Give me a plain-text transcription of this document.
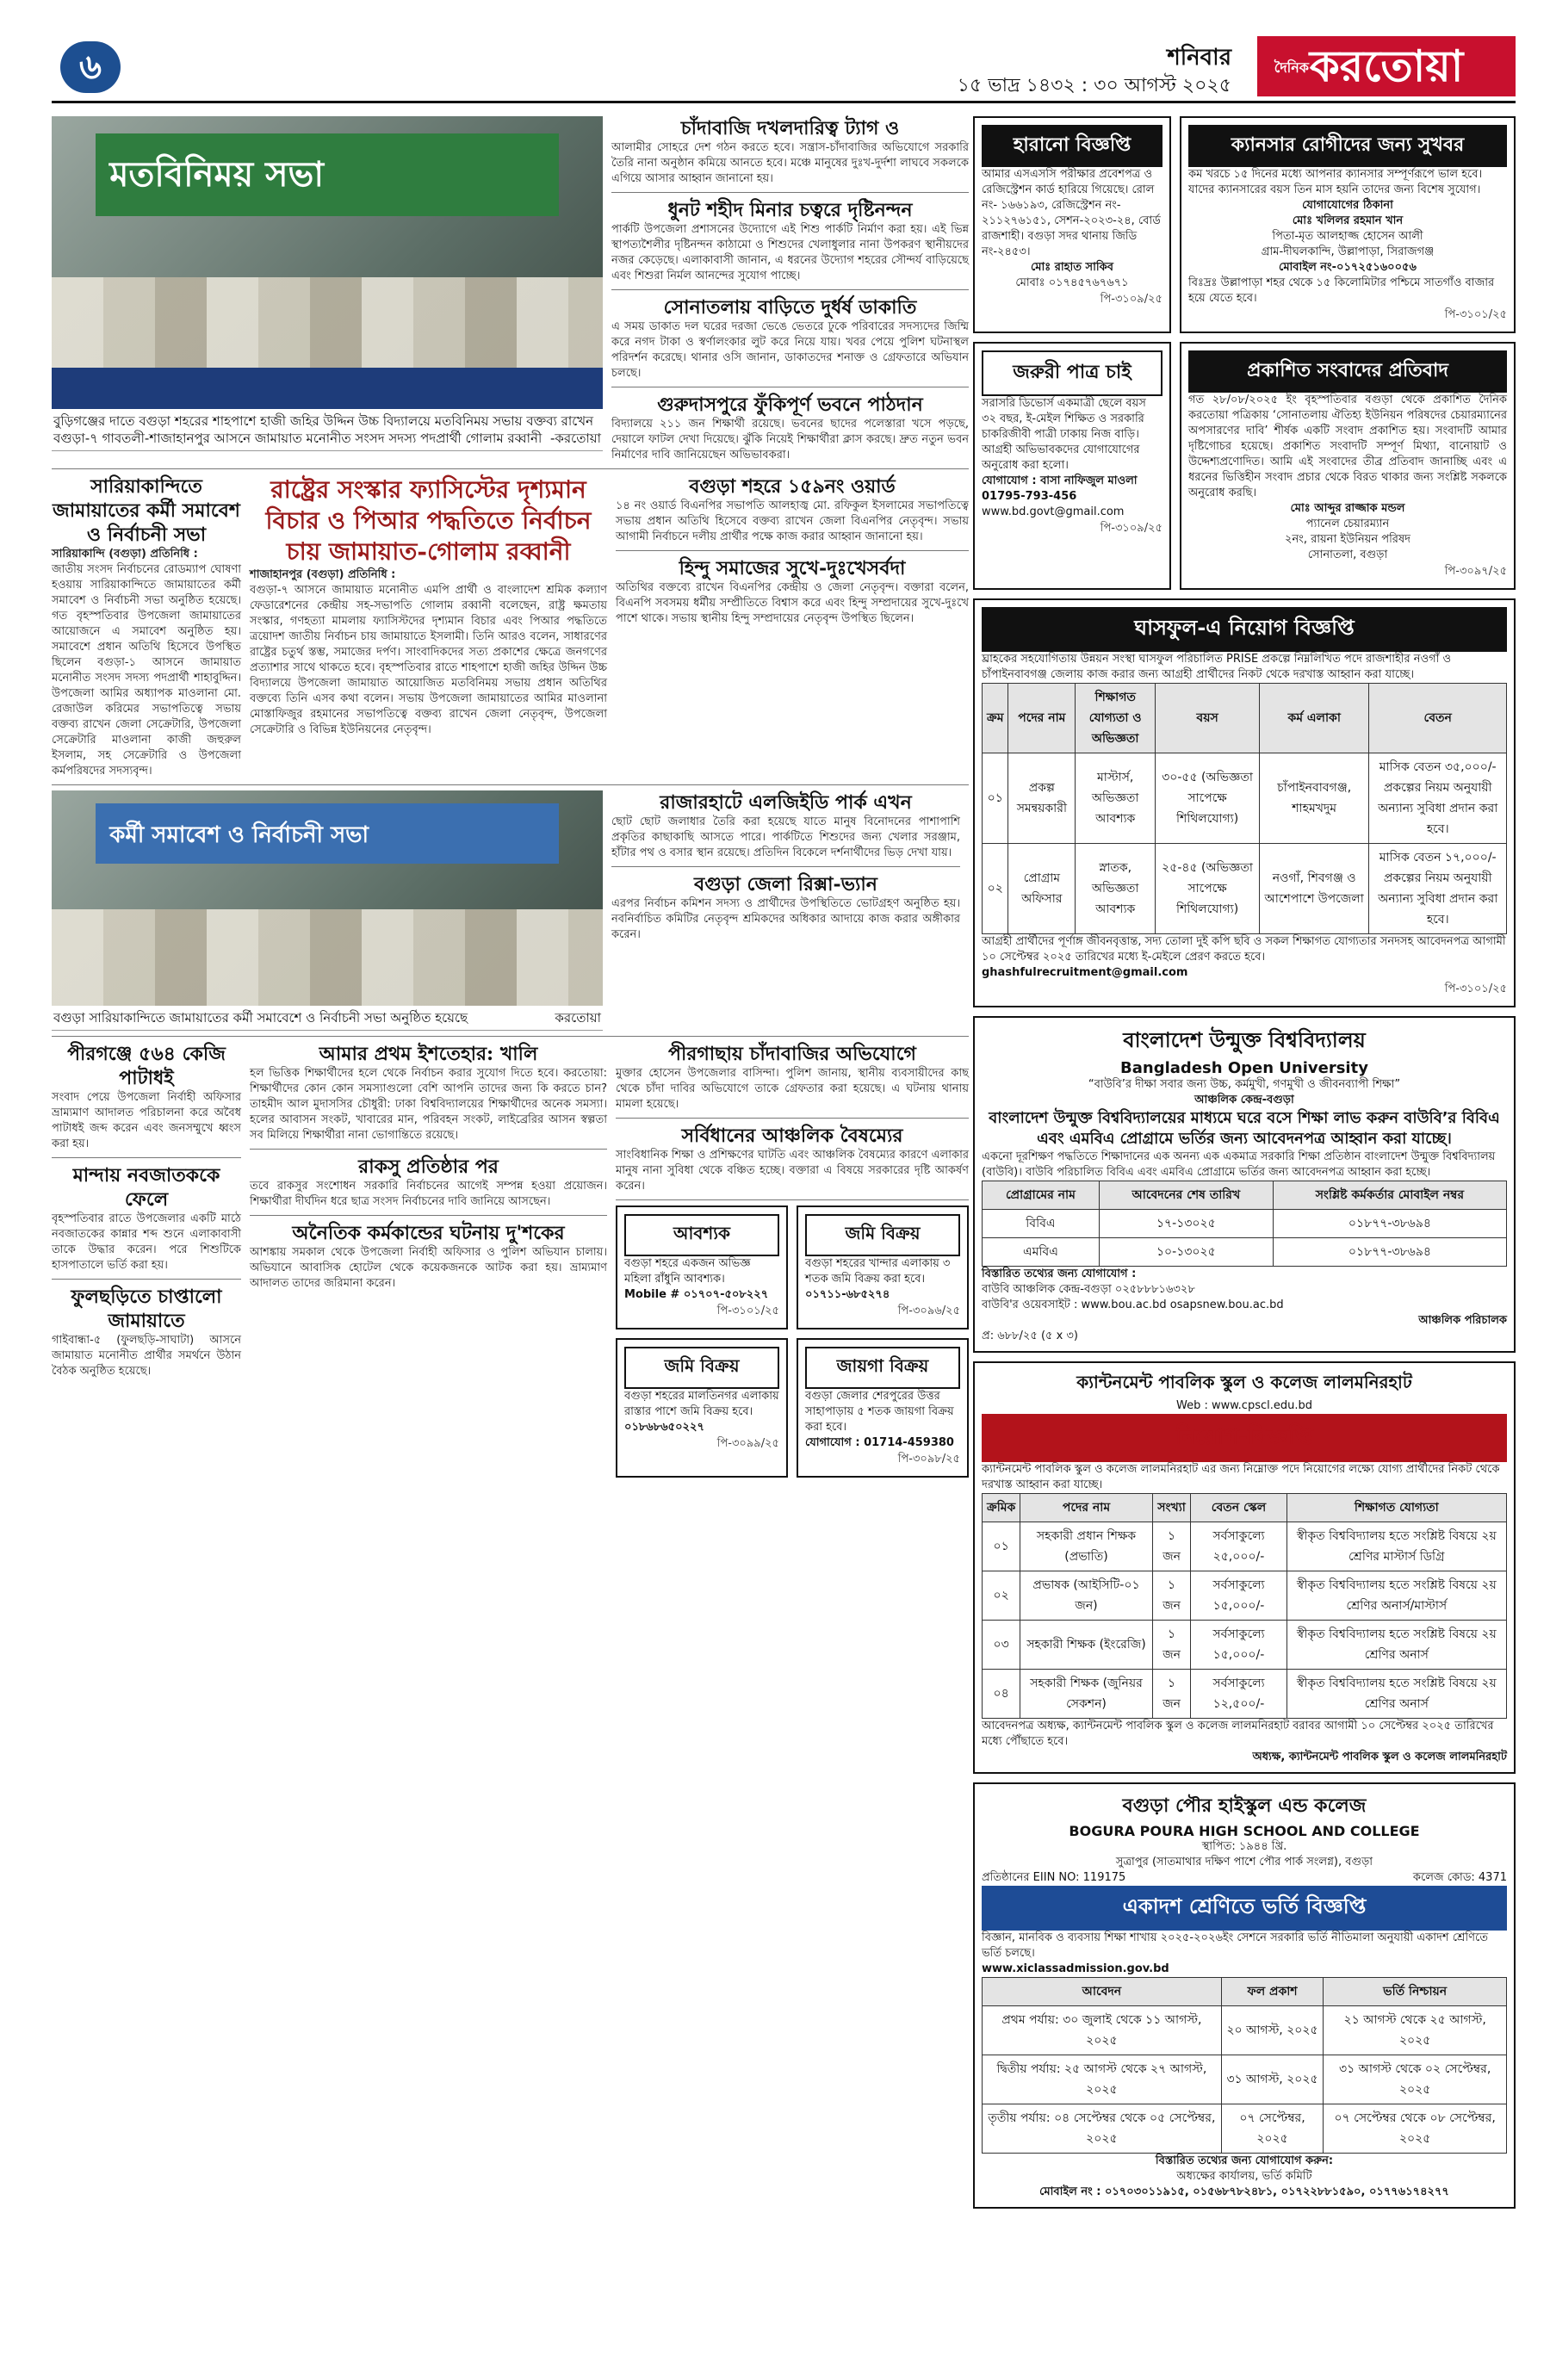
৬	শনিবার
১৫ ভাদ্র ১৪৩২ : ৩০ আগস্ট ২০২৫
দৈনিক করতোয়া
মতবিনিময় সভা
বুড়িগঞ্জের দাতে বগুড়া শহরের শাহপাশে হাজী জহির উদ্দিন উচ্চ বিদ্যালয়ে মতবিনিময় সভায় বক্তব্য রাখেন বগুড়া-৭ গাবতলী-শাজাহানপুর আসনে জামায়াত মনোনীত সংসদ সদস্য পদপ্রার্থী গোলাম রব্বানী -করতোয়া
চাঁদাবাজি দখলদারিত্ব ট্যাগ ও
আলামীর সোহরে দেশ গঠন করতে হবে। সন্ত্রাস-চাঁদাবাজির অভিযোগে সরকারি তৈরি নানা অনুষ্ঠান কমিয়ে আনতে হবে। মঞ্চে মানুষের দুঃখ-দুর্দশা লাঘবে সকলকে এগিয়ে আসার আহ্বান জানানো হয়।
ধুনট শহীদ মিনার চত্বরে দৃষ্টিনন্দন
পার্কটি উপজেলা প্রশাসনের উদ্যোগে এই শিশু পার্কটি নির্মাণ করা হয়। এই ভিন্ন স্থাপত্যশৈলীর দৃষ্টিনন্দন কাঠামো ও শিশুদের খেলাধুলার নানা উপকরণ স্থানীয়দের নজর কেড়েছে। এলাকাবাসী জানান, এ ধরনের উদ্যোগ শহরের সৌন্দর্য বাড়িয়েছে এবং শিশুরা নির্মল আনন্দের সুযোগ পাচ্ছে।
সোনাতলায় বাড়িতে দুর্ধর্ষ ডাকাতি
এ সময় ডাকাত দল ঘরের দরজা ভেঙে ভেতরে ঢুকে পরিবারের সদস্যদের জিম্মি করে নগদ টাকা ও স্বর্ণালংকার লুট করে নিয়ে যায়। খবর পেয়ে পুলিশ ঘটনাস্থল পরিদর্শন করেছে। থানার ওসি জানান, ডাকাতদের শনাক্ত ও গ্রেফতারে অভিযান চলছে।
গুরুদাসপুরে ফুঁকিপূর্ণ ভবনে পাঠদান
বিদ্যালয়ে ২১১ জন শিক্ষার্থী রয়েছে। ভবনের ছাদের পলেস্তারা খসে পড়ছে, দেয়ালে ফাটল দেখা দিয়েছে। ঝুঁকি নিয়েই শিক্ষার্থীরা ক্লাস করছে। দ্রুত নতুন ভবন নির্মাণের দাবি জানিয়েছেন অভিভাবকরা।
সারিয়াকান্দিতে জামায়াতের কর্মী সমাবেশ ও নির্বাচনী সভা
সারিয়াকান্দি (বগুড়া) প্রতিনিধি :
জাতীয় সংসদ নির্বাচনের রোডম্যাপ ঘোষণা হওয়ায় সারিয়াকান্দিতে জামায়াতের কর্মী সমাবেশ ও নির্বাচনী সভা অনুষ্ঠিত হয়েছে। গত বৃহস্পতিবার উপজেলা জামায়াতের আয়োজনে এ সমাবেশ অনুষ্ঠিত হয়। সমাবেশে প্রধান অতিথি হিসেবে উপস্থিত ছিলেন বগুড়া-১ আসনে জামায়াত মনোনীত সংসদ সদস্য পদপ্রার্থী শাহাবুদ্দিন। উপজেলা আমির অধ্যাপক মাওলানা মো. রেজাউল করিমের সভাপতিত্বে সভায় বক্তব্য রাখেন জেলা সেক্রেটারি, উপজেলা সেক্রেটারি মাওলানা কাজী জহুরুল ইসলাম, সহ সেক্রেটারি ও উপজেলা কর্মপরিষদের সদস্যবৃন্দ।
রাষ্ট্রের সংস্কার ফ্যাসিস্টের দৃশ্যমান বিচার ও পিআর পদ্ধতিতে নির্বাচন চায় জামায়াত-গোলাম রব্বানী
শাজাহানপুর (বগুড়া) প্রতিনিধি :
বগুড়া-৭ আসনে জামায়াত মনোনীত এমপি প্রার্থী ও বাংলাদেশ শ্রমিক কল্যাণ ফেডারেশনের কেন্দ্রীয় সহ-সভাপতি গোলাম রব্বানী বলেছেন, রাষ্ট্র ক্ষমতায় সংস্কার, গণহত্যা মামলায় ফ্যাসিস্টদের দৃশ্যমান বিচার এবং পিআর পদ্ধতিতে ত্রয়োদশ জাতীয় নির্বাচন চায় জামায়াতে ইসলামী। তিনি আরও বলেন, সাধারণের রাষ্ট্রের চতুর্থ স্তম্ভ, সমাজের দর্পণ। সাংবাদিকদের সত্য প্রকাশের ক্ষেত্রে জনগণের প্রত্যাশার সাথে থাকতে হবে। বৃহস্পতিবার রাতে শাহপাশে হাজী জহির উদ্দিন উচ্চ বিদ্যালয়ে উপজেলা জামায়াত আয়োজিত মতবিনিময় সভায় প্রধান অতিথির বক্তব্যে তিনি এসব কথা বলেন। সভায় উপজেলা জামায়াতের আমির মাওলানা মোস্তাফিজুর রহমানের সভাপতিত্বে বক্তব্য রাখেন জেলা নেতৃবৃন্দ, উপজেলা সেক্রেটারি ও বিভিন্ন ইউনিয়নের নেতৃবৃন্দ।
বগুড়া শহরে ১৫৯নং ওয়ার্ড
১৪ নং ওয়ার্ড বিএনপির সভাপতি আলহাজ্ব মো. রফিকুল ইসলামের সভাপতিত্বে সভায় প্রধান অতিথি হিসেবে বক্তব্য রাখেন জেলা বিএনপির নেতৃবৃন্দ। সভায় আগামী নির্বাচনে দলীয় প্রার্থীর পক্ষে কাজ করার আহ্বান জানানো হয়।
হিন্দু সমাজের সুখে-দুঃখেসর্বদা
অতিথির বক্তব্যে রাখেন বিএনপির কেন্দ্রীয় ও জেলা নেতৃবৃন্দ। বক্তারা বলেন, বিএনপি সবসময় ধর্মীয় সম্প্রীতিতে বিশ্বাস করে এবং হিন্দু সম্প্রদায়ের সুখে-দুঃখে পাশে থাকে। সভায় স্থানীয় হিন্দু সম্প্রদায়ের নেতৃবৃন্দ উপস্থিত ছিলেন।
কর্মী সমাবেশ ও নির্বাচনী সভা
বগুড়া সারিয়াকান্দিতে জামায়াতের কর্মী সমাবেশে ও নির্বাচনী সভা অনুষ্ঠিত হয়েছে	করতোয়া
রাজারহাটে এলজিইডি পার্ক এখন
ছোট ছোট জলাধার তৈরি করা হয়েছে যাতে মানুষ বিনোদনের পাশাপাশি প্রকৃতির কাছাকাছি আসতে পারে। পার্কটিতে শিশুদের জন্য খেলার সরঞ্জাম, হাঁটার পথ ও বসার স্থান রয়েছে। প্রতিদিন বিকেলে দর্শনার্থীদের ভিড় দেখা যায়।
বগুড়া জেলা রিক্সা-ভ্যান
এরপর নির্বাচন কমিশন সদস্য ও প্রার্থীদের উপস্থিতিতে ভোটগ্রহণ অনুষ্ঠিত হয়। নবনির্বাচিত কমিটির নেতৃবৃন্দ শ্রমিকদের অধিকার আদায়ে কাজ করার অঙ্গীকার করেন।
পীরগঞ্জে ৫৬৪ কেজি পাটাধই
সংবাদ পেয়ে উপজেলা নির্বাহী অফিসার ভ্রাম্যমাণ আদালত পরিচালনা করে অবৈধ পাটাধই জব্দ করেন এবং জনসম্মুখে ধ্বংস করা হয়।
মান্দায় নবজাতককে ফেলে
বৃহস্পতিবার রাতে উপজেলার একটি মাঠে নবজাতকের কান্নার শব্দ শুনে এলাকাবাসী তাকে উদ্ধার করেন। পরে শিশুটিকে হাসপাতালে ভর্তি করা হয়।
ফুলছড়িতে চাপ্তালো জামায়াতে
গাইবান্ধা-৫ (ফুলছড়ি-সাঘাটা) আসনে জামায়াত মনোনীত প্রার্থীর সমর্থনে উঠান বৈঠক অনুষ্ঠিত হয়েছে।
আমার প্রথম ইশতেহার: খালি
হল ভিত্তিক শিক্ষার্থীদের হলে থেকে নির্বাচন করার সুযোগ দিতে হবে। করতোয়া: শিক্ষার্থীদের কোন কোন সমস্যাগুলো বেশি আপনি তাদের জন্য কি করতে চান? তাহমীদ আল মুদাসসির চৌধুরী: ঢাকা বিশ্ববিদ্যালয়ের শিক্ষার্থীদের অনেক সমস্যা। হলের আবাসন সংকট, খাবারের মান, পরিবহন সংকট, লাইব্রেরির আসন স্বল্পতা সব মিলিয়ে শিক্ষার্থীরা নানা ভোগান্তিতে রয়েছে।
রাকসু প্রতিষ্ঠার পর
তবে রাকসুর সংশোধন সরকারি নির্বাচনের আগেই সম্পন্ন হওয়া প্রয়োজন। শিক্ষার্থীরা দীর্ঘদিন ধরে ছাত্র সংসদ নির্বাচনের দাবি জানিয়ে আসছেন।
অনৈতিক কর্মকান্ডের ঘটনায় দু'শকের
আশঙ্কায় সমকাল থেকে উপজেলা নির্বাহী অফিসার ও পুলিশ অভিযান চালায়। অভিযানে আবাসিক হোটেল থেকে কয়েকজনকে আটক করা হয়। ভ্রাম্যমাণ আদালত তাদের জরিমানা করেন।
পীরগাছায় চাঁদাবাজির অভিযোগে
মুক্তার হোসেন উপজেলার বাসিন্দা। পুলিশ জানায়, স্থানীয় ব্যবসায়ীদের কাছ থেকে চাঁদা দাবির অভিযোগে তাকে গ্রেফতার করা হয়েছে। এ ঘটনায় থানায় মামলা হয়েছে।
সর্বিধানের আঞ্চলিক বৈষম্যের
সাংবিধানিক শিক্ষা ও প্রশিক্ষণের ঘাটতি এবং আঞ্চলিক বৈষম্যের কারণে এলাকার মানুষ নানা সুবিধা থেকে বঞ্চিত হচ্ছে। বক্তারা এ বিষয়ে সরকারের দৃষ্টি আকর্ষণ করেন।
আবশ্যক
বগুড়া শহরে একজন অভিজ্ঞ মহিলা রাঁধুনি আবশ্যক।
Mobile # ০১৭০৭-৫০৮২২৭
পি-৩১০১/২৫
জমি বিক্রয়
বগুড়া শহরের খান্দার এলাকায় ৩ শতক জমি বিক্রয় করা হবে।
০১৭১১-৬৮৫২৭৪
পি-৩০৯৬/২৫
জমি বিক্রয়
বগুড়া শহরের মালতিনগর এলাকায় রাস্তার পাশে জমি বিক্রয় হবে।
০১৮৬৮৬৫০২২৭
পি-৩০৯৯/২৫
জায়গা বিক্রয়
বগুড়া জেলার শেরপুরের উত্তর সাহাপাড়ায় ৫ শতক জায়গা বিক্রয় করা হবে।
যোগাযোগ : 01714-459380
পি-৩০৯৮/২৫
হারানো বিজ্ঞপ্তি
আমার এসএসসি পরীক্ষার প্রবেশপত্র ও রেজিস্ট্রেশন কার্ড হারিয়ে গিয়েছে। রোল নং- ১৬৬১৯৩, রেজিস্ট্রেশন নং- ২১১২৭৬১৫১, সেশন-২০২৩-২৪, বোর্ড রাজশাহী। বগুড়া সদর থানায় জিডি নং-২৪৫৩।
মোঃ রাহাত সাকিব
মোবাঃ ০১৭৪৫৭৬৭৬৭১
পি-৩১০৯/২৫
ক্যানসার রোগীদের জন্য সুখবর
কম খরচে ১৫ দিনের মধ্যে আপনার ক্যানসার সম্পূর্ণরূপে ভাল হবে। যাদের ক্যানসারের বয়স তিন মাস হয়নি তাদের জন্য বিশেষ সুযোগ।
যোগাযোগের ঠিকানা
মোঃ খলিলর রহমান খান
পিতা-মৃত আলহাজ্জ হোসেন আলী
গ্রাম-দীঘলকান্দি, উল্লাপাড়া, সিরাজগঞ্জ
মোবাইল নং-০১৭২৫১৬০০৫৬
বিঃদ্রঃ উল্লাপাড়া শহর থেকে ১৫ কিলোমিটার পশ্চিমে সাতগাঁও বাজার হয়ে যেতে হবে।
পি-৩১০১/২৫
জরুরী পাত্র চাই
সরাসরি ডিভোর্স একমাত্রী ছেলে বয়স ৩২ বছর, ই-মেইল শিক্ষিত ও সরকারি চাকরিজীবী পাত্রী ঢাকায় নিজ বাড়ি। আগ্রহী অভিভাবকদের যোগাযোগের অনুরোধ করা হলো।
যোগাযোগ : বাসা নাফিজুল মাওলা
01795-793-456
www.bd.govt@gmail.com
পি-৩১০৯/২৫
প্রকাশিত সংবাদের প্রতিবাদ
গত ২৮/০৮/২০২৫ ইং বৃহস্পতিবার বগুড়া থেকে প্রকাশিত দৈনিক করতোয়া পত্রিকায় ‘সোনাতলায় ঐতিহ্য ইউনিয়ন পরিষদের চেয়ারম্যানের অপসারণের দাবি’ শীর্ষক একটি সংবাদ প্রকাশিত হয়। সংবাদটি আমার দৃষ্টিগোচর হয়েছে। প্রকাশিত সংবাদটি সম্পূর্ণ মিথ্যা, বানোয়াট ও উদ্দেশ্যপ্রণোদিত। আমি এই সংবাদের তীব্র প্রতিবাদ জানাচ্ছি এবং এ ধরনের ভিত্তিহীন সংবাদ প্রচার থেকে বিরত থাকার জন্য সংশ্লিষ্ট সকলকে অনুরোধ করছি।
মোঃ আব্দুর রাজ্জাক মন্ডল
প্যানেল চেয়ারম্যান
২নং, রায়না ইউনিয়ন পরিষদ
সোনাতলা, বগুড়া
পি-৩০৯৭/২৫
ঘাসফুল-এ নিয়োগ বিজ্ঞপ্তি
ঘ্রাহকের সহযোগিতায় উন্নয়ন সংস্থা ঘাসফুল পরিচালিত PRISE প্রকল্পে নিম্নলিখিত পদে রাজশাহীর নওগাঁ ও চাঁপাইনবাবগঞ্জ জেলায় কাজ করার জন্য আগ্রহী প্রার্থীদের নিকট থেকে দরখাস্ত আহ্বান করা যাচ্ছে।
ক্রম	পদের নাম	শিক্ষাগত যোগ্যতা ও অভিজ্ঞতা	বয়স	কর্ম এলাকা	বেতন
০১	প্রকল্প সমন্বয়কারী	মাস্টার্স, অভিজ্ঞতা আবশ্যক	৩০-৫৫ (অভিজ্ঞতা সাপেক্ষে শিথিলযোগ্য)	চাঁপাইনবাবগঞ্জ, শাহমখদুম	মাসিক বেতন ৩৫,০০০/- প্রকল্পের নিয়ম অনুযায়ী অন্যান্য সুবিধা প্রদান করা হবে।
০২	প্রোগ্রাম অফিসার	স্নাতক, অভিজ্ঞতা আবশ্যক	২৫-৪৫ (অভিজ্ঞতা সাপেক্ষে শিথিলযোগ্য)	নওগাঁ, শিবগঞ্জ ও আশেপাশে উপজেলা	মাসিক বেতন ১৭,০০০/- প্রকল্পের নিয়ম অনুযায়ী অন্যান্য সুবিধা প্রদান করা হবে।
আগ্রহী প্রার্থীদের পূর্ণাঙ্গ জীবনবৃত্তান্ত, সদ্য তোলা দুই কপি ছবি ও সকল শিক্ষাগত যোগ্যতার সনদসহ আবেদনপত্র আগামী ১০ সেপ্টেম্বর ২০২৫ তারিখের মধ্যে ই-মেইলে প্রেরণ করতে হবে।
ghashfulrecruitment@gmail.com
পি-৩১০১/২৫
বাংলাদেশ উন্মুক্ত বিশ্ববিদ্যালয়
Bangladesh Open University
“বাউবি’র দীক্ষা সবার জন্য উচ্চ, কর্মমুখী, গণমুখী ও জীবনব্যাপী শিক্ষা”
আঞ্চলিক কেন্দ্র-বগুড়া
বাংলাদেশ উন্মুক্ত বিশ্ববিদ্যালয়ের মাধ্যমে ঘরে বসে শিক্ষা লাভ করুন বাউবি’র বিবিএ এবং এমবিএ প্রোগ্রামে ভর্তির জন্য আবেদনপত্র আহ্বান করা যাচ্ছে।
একনো দূরশিক্ষণ পদ্ধতিতে শিক্ষাদানের এক অনন্য এক একমাত্র সরকারি শিক্ষা প্রতিষ্ঠান বাংলাদেশ উন্মুক্ত বিশ্ববিদ্যালয় (বাউবি)। বাউবি পরিচালিত বিবিএ এবং এমবিএ প্রোগ্রামে ভর্তির জন্য আবেদনপত্র আহ্বান করা হচ্ছে।
প্রোগ্রামের নাম	আবেদনের শেষ তারিখ	সংশ্লিষ্ট কর্মকর্তার মোবাইল নম্বর
বিবিএ	১৭-১৩০২৫	০১৮৭৭-৩৮৬৯৪
এমবিএ	১০-১৩০২৫	০১৮৭৭-৩৮৬৯৪
বিস্তারিত তথ্যের জন্য যোগাযোগ :
বাউবি আঞ্চলিক কেন্দ্র-বগুড়া ০২৫৮৮৮১৬৩২৮
বাউবি'র ওয়েবসাইট : www.bou.ac.bd osapsnew.bou.ac.bd
আঞ্চলিক পরিচালক
প্র: ৬৮৮/২৫ (৫ x ৩)
ক্যান্টনমেন্ট পাবলিক স্কুল ও কলেজ লালমনিরহাট
Web : www.cpscl.edu.bd
নিয়োগ-বিজ্ঞপ্তি
ক্যান্টনমেন্ট পাবলিক স্কুল ও কলেজ লালমনিরহাট এর জন্য নিম্নোক্ত পদে নিয়োগের লক্ষ্যে যোগ্য প্রার্থীদের নিকট থেকে দরখাস্ত আহ্বান করা যাচ্ছে।
ক্রমিক	পদের নাম	সংখ্যা	বেতন স্কেল	শিক্ষাগত যোগ্যতা
০১	সহকারী প্রধান শিক্ষক (প্রভাতি)	১ জন	সর্বসাকুল্যে ২৫,০০০/-	স্বীকৃত বিশ্ববিদ্যালয় হতে সংশ্লিষ্ট বিষয়ে ২য় শ্রেণির মাস্টার্স ডিগ্রি
০২	প্রভাষক (আইসিটি-০১ জন)	১ জন	সর্বসাকুল্যে ১৫,০০০/-	স্বীকৃত বিশ্ববিদ্যালয় হতে সংশ্লিষ্ট বিষয়ে ২য় শ্রেণির অনার্স/মাস্টার্স
০৩	সহকারী শিক্ষক (ইংরেজি)	১ জন	সর্বসাকুল্যে ১৫,০০০/-	স্বীকৃত বিশ্ববিদ্যালয় হতে সংশ্লিষ্ট বিষয়ে ২য় শ্রেণির অনার্স
০৪	সহকারী শিক্ষক (জুনিয়র সেকশন)	১ জন	সর্বসাকুল্যে ১২,৫০০/-	স্বীকৃত বিশ্ববিদ্যালয় হতে সংশ্লিষ্ট বিষয়ে ২য় শ্রেণির অনার্স
আবেদনপত্র অধ্যক্ষ, ক্যান্টনমেন্ট পাবলিক স্কুল ও কলেজ লালমনিরহাট বরাবর আগামী ১০ সেপ্টেম্বর ২০২৫ তারিখের মধ্যে পৌঁছাতে হবে।
অধ্যক্ষ, ক্যান্টনমেন্ট পাবলিক স্কুল ও কলেজ লালমনিরহাট
বগুড়া পৌর হাইস্কুল এন্ড কলেজ
BOGURA POURA HIGH SCHOOL AND COLLEGE
স্থাপিত: ১৯৪৪ খ্রি.
সুত্রাপুর (সাতমাথার দক্ষিণ পাশে পৌর পার্ক সংলগ্ন), বগুড়া
প্রতিষ্ঠানের EIIN NO: 119175	কলেজ কোড: 4371
একাদশ শ্রেণিতে ভর্তি বিজ্ঞপ্তি
বিজ্ঞান, মানবিক ও ব্যবসায় শিক্ষা শাখায় ২০২৫-২০২৬ইং সেশনে সরকারি ভর্তি নীতিমালা অনুযায়ী একাদশ শ্রেণিতে ভর্তি চলছে।
www.xiclassadmission.gov.bd
আবেদন	ফল প্রকাশ	ভর্তি নিশ্চায়ন
প্রথম পর্যায়: ৩০ জুলাই থেকে ১১ আগস্ট, ২০২৫	২০ আগস্ট, ২০২৫	২১ আগস্ট থেকে ২৫ আগস্ট, ২০২৫
দ্বিতীয় পর্যায়: ২৫ আগস্ট থেকে ২৭ আগস্ট, ২০২৫	৩১ আগস্ট, ২০২৫	৩১ আগস্ট থেকে ০২ সেপ্টেম্বর, ২০২৫
তৃতীয় পর্যায়: ০৪ সেপ্টেম্বর থেকে ০৫ সেপ্টেম্বর, ২০২৫	০৭ সেপ্টেম্বর, ২০২৫	০৭ সেপ্টেম্বর থেকে ০৮ সেপ্টেম্বর, ২০২৫
বিস্তারিত তথ্যের জন্য যোগাযোগ করুন:
অধ্যক্ষের কার্যালয়, ভর্তি কমিটি
মোবাইল নং : ০১৭০৩০১১৯১৫, ০১৫৬৮৭৮২৪৮১, ০১৭২২৮৮১৫৯০, ০১৭৭৬১৭৪২৭৭
